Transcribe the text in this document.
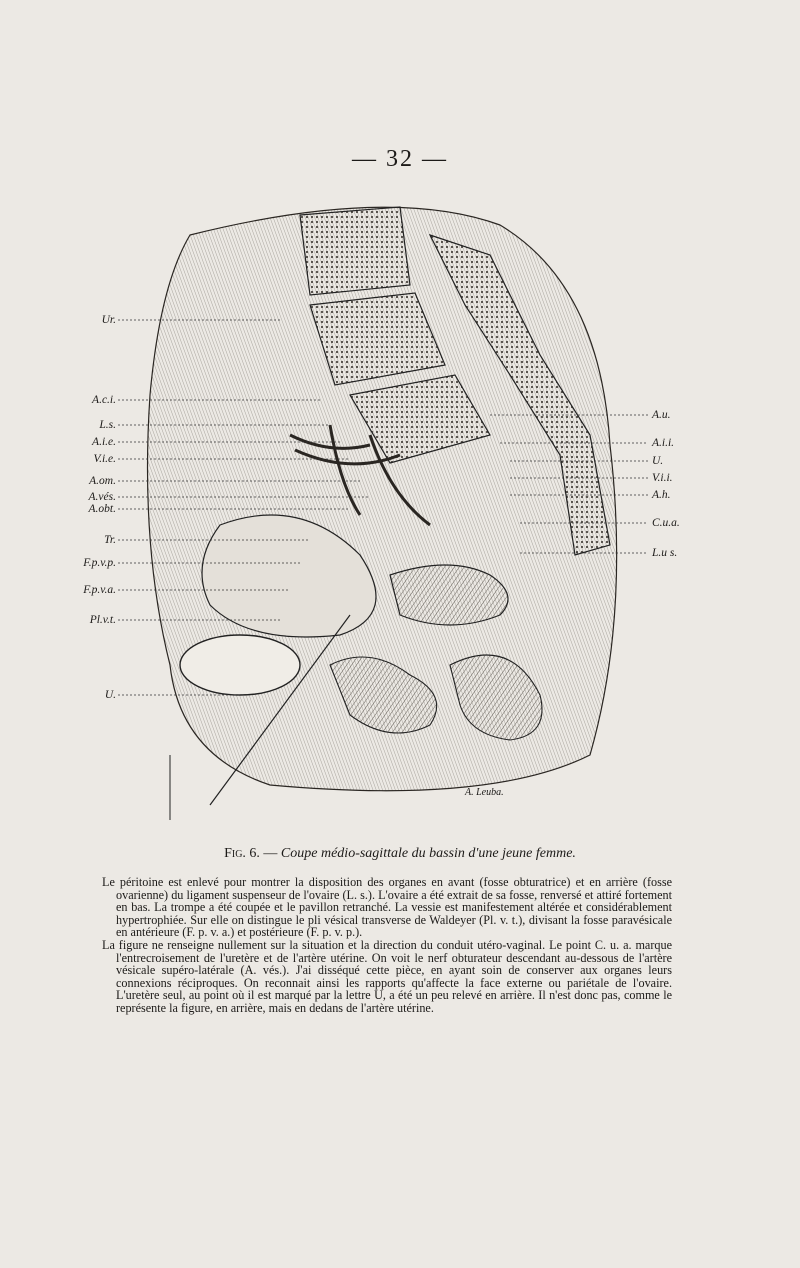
— 32 —
Ur.
A.c.i.
L.s.
A.i.e.
V.i.e.
A.om.
A.vés.
A.obt.
Tr.
F.p.v.p.
F.p.v.a.
Pl.v.t.
U.
A.u.
A.i.i.
U.
V.i.i.
A.h.
C.u.a.
L.u s.
A. Leuba.
Fig. 6. — Coupe médio-sagittale du bassin d'une jeune femme.

Le péritoine est enlevé pour montrer la disposition des organes en avant (fosse obturatrice) et en arrière (fosse ovarienne) du ligament suspenseur de l'ovaire (L. s.). L'ovaire a été extrait de sa fosse, renversé et attiré fortement en bas. La trompe a été coupée et le pavillon retranché. La vessie est manifestement altérée et considérablement hypertrophiée. Sur elle on distingue le pli vésical transverse de Waldeyer (Pl. v. t.), divisant la fosse paravésicale en antérieure (F. p. v. a.) et postérieure (F. p. v. p.).

La figure ne renseigne nullement sur la situation et la direction du conduit utéro-vaginal. Le point C. u. a. marque l'entrecroisement de l'uretère et de l'artère utérine. On voit le nerf obturateur descendant au-dessous de l'artère vésicale supéro-latérale (A. vés.). J'ai disséqué cette pièce, en ayant soin de conserver aux organes leurs connexions réciproques. On reconnait ainsi les rapports qu'affecte la face externe ou pariétale de l'ovaire. L'uretère seul, au point où il est marqué par la lettre U, a été un peu relevé en arrière. Il n'est donc pas, comme le représente la figure, en arrière, mais en dedans de l'artère utérine.
